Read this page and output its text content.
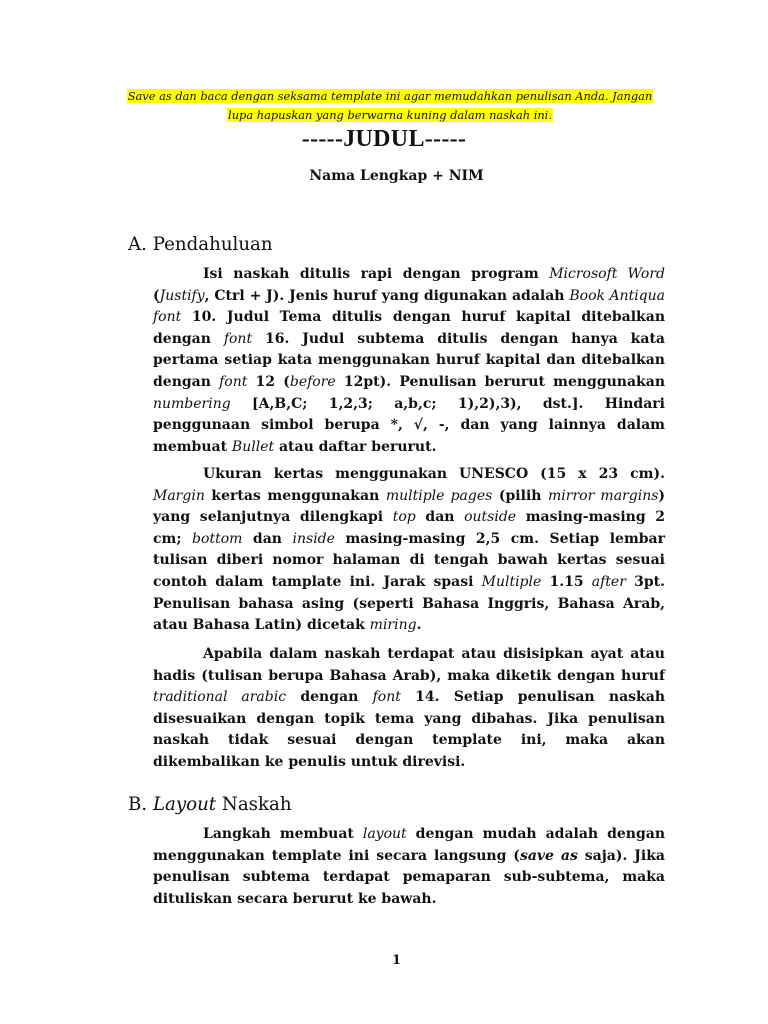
Save as dan baca dengan seksama template ini agar memudahkan penulisan Anda. Jangan
lupa hapuskan yang berwarna kuning dalam naskah ini.
-----JUDUL-----

Nama Lengkap + NIM

A. Pendahuluan

Isi naskah ditulis rapi dengan program Microsoft Word (Justify, Ctrl + J). Jenis huruf yang digunakan adalah Book Antiqua font 10. Judul Tema ditulis dengan huruf kapital ditebalkan dengan font 16. Judul subtema ditulis dengan hanya kata pertama setiap kata menggunakan huruf kapital dan ditebalkan dengan font 12 (before 12pt). Penulisan berurut menggunakan numbering [A,B,C; 1,2,3; a,b,c; 1),2),3), dst.]. Hindari penggunaan simbol berupa *, √, -, dan yang lainnya dalam membuat Bullet atau daftar berurut.

Ukuran kertas menggunakan UNESCO (15 x 23 cm). Margin kertas menggunakan multiple pages (pilih mirror margins) yang selanjutnya dilengkapi top dan outside masing-masing 2 cm; bottom dan inside masing-masing 2,5 cm. Setiap lembar tulisan diberi nomor halaman di tengah bawah kertas sesuai contoh dalam tamplate ini. Jarak spasi Multiple 1.15 after 3pt. Penulisan bahasa asing (seperti Bahasa Inggris, Bahasa Arab, atau Bahasa Latin) dicetak miring.

Apabila dalam naskah terdapat atau disisipkan ayat atau hadis (tulisan berupa Bahasa Arab), maka diketik dengan huruf traditional arabic dengan font 14. Setiap penulisan naskah disesuaikan dengan topik tema yang dibahas. Jika penulisan naskah tidak sesuai dengan template ini, maka akan dikembalikan ke penulis untuk direvisi.

B. Layout Naskah

Langkah membuat layout dengan mudah adalah dengan menggunakan template ini secara langsung (save as saja). Jika penulisan subtema terdapat pemaparan sub-subtema, maka dituliskan secara berurut ke bawah.

1
